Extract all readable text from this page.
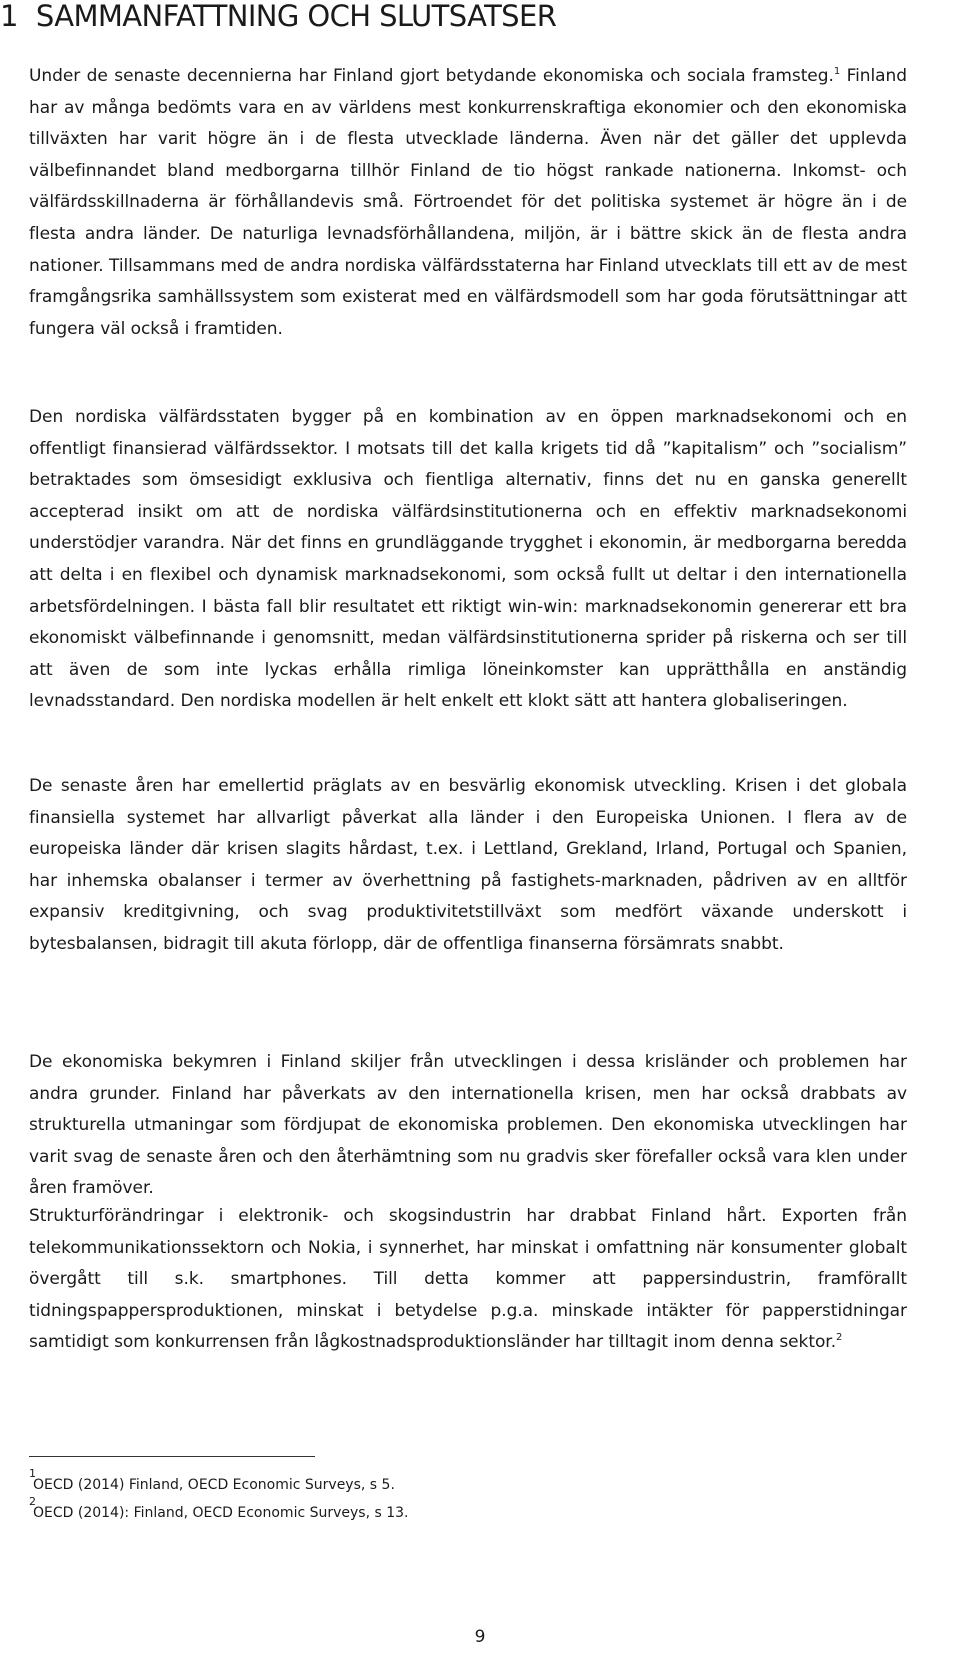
1 SAMMANFATTNING OCH SLUTSATSER

Under de senaste decennierna har Finland gjort betydande ekonomiska och sociala framsteg.$^1$ Finland har av många bedömts vara en av världens mest konkurrenskraftiga ekonomier och den ekonomiska tillväxten har varit högre än i de flesta utvecklade länderna. Även när det gäller det upplevda välbefinnandet bland medborgarna tillhör Finland de tio högst rankade nationerna. Inkomst- och välfärdsskillnaderna är förhållandevis små. Förtroendet för det politiska systemet är högre än i de flesta andra länder. De naturliga levnadsförhållandena, miljön, är i bättre skick än de flesta andra nationer. Tillsammans med de andra nordiska välfärdsstaterna har Finland utvecklats till ett av de mest framgångsrika samhällssystem som existerat med en välfärdsmodell som har goda förutsättningar att fungera väl också i framtiden.

Den nordiska välfärdsstaten bygger på en kombination av en öppen marknadsekonomi och en offentligt finansierad välfärdssektor. I motsats till det kalla krigets tid då ”kapitalism” och ”socialism” betraktades som ömsesidigt exklusiva och fientliga alternativ, finns det nu en ganska generellt accepterad insikt om att de nordiska välfärdsinstitutionerna och en effektiv marknadsekonomi understödjer varandra. När det finns en grundläggande trygghet i ekonomin, är medborgarna beredda att delta i en flexibel och dynamisk marknadsekonomi, som också fullt ut deltar i den internationella arbetsfördelningen. I bästa fall blir resultatet ett riktigt win-win: marknadsekonomin genererar ett bra ekonomiskt välbefinnande i genomsnitt, medan välfärdsinstitutionerna sprider på riskerna och ser till att även de som inte lyckas erhålla rimliga löneinkomster kan upprätthålla en anständig levnadsstandard. Den nordiska modellen är helt enkelt ett klokt sätt att hantera globaliseringen.

De senaste åren har emellertid präglats av en besvärlig ekonomisk utveckling. Krisen i det globala finansiella systemet har allvarligt påverkat alla länder i den Europeiska Unionen. I flera av de europeiska länder där krisen slagits hårdast, t.ex. i Lettland, Grekland, Irland, Portugal och Spanien, har inhemska obalanser i termer av överhettning på fastighets-marknaden, pådriven av en alltför expansiv kreditgivning, och svag produktivitetstillväxt som medfört växande underskott i bytesbalansen, bidragit till akuta förlopp, där de offentliga finanserna försämrats snabbt.

De ekonomiska bekymren i Finland skiljer från utvecklingen i dessa krisländer och problemen har andra grunder. Finland har påverkats av den internationella krisen, men har också drabbats av strukturella utmaningar som fördjupat de ekonomiska problemen. Den ekonomiska utvecklingen har varit svag de senaste åren och den återhämtning som nu gradvis sker förefaller också vara klen under åren framöver.

Strukturförändringar i elektronik- och skogsindustrin har drabbat Finland hårt. Exporten från telekommunikationssektorn och Nokia, i synnerhet, har minskat i omfattning när konsumenter globalt övergått till s.k. smartphones. Till detta kommer att pappersindustrin, framförallt tidningspappersproduktionen, minskat i betydelse p.g.a. minskade intäkter för papperstidningar samtidigt som konkurrensen från lågkostnadsproduktionsländer har tilltagit inom denna sektor.$^2$

1
OECD (2014) Finland, OECD Economic Surveys, s 5.
2
OECD (2014): Finland, OECD Economic Surveys, s 13.
9
